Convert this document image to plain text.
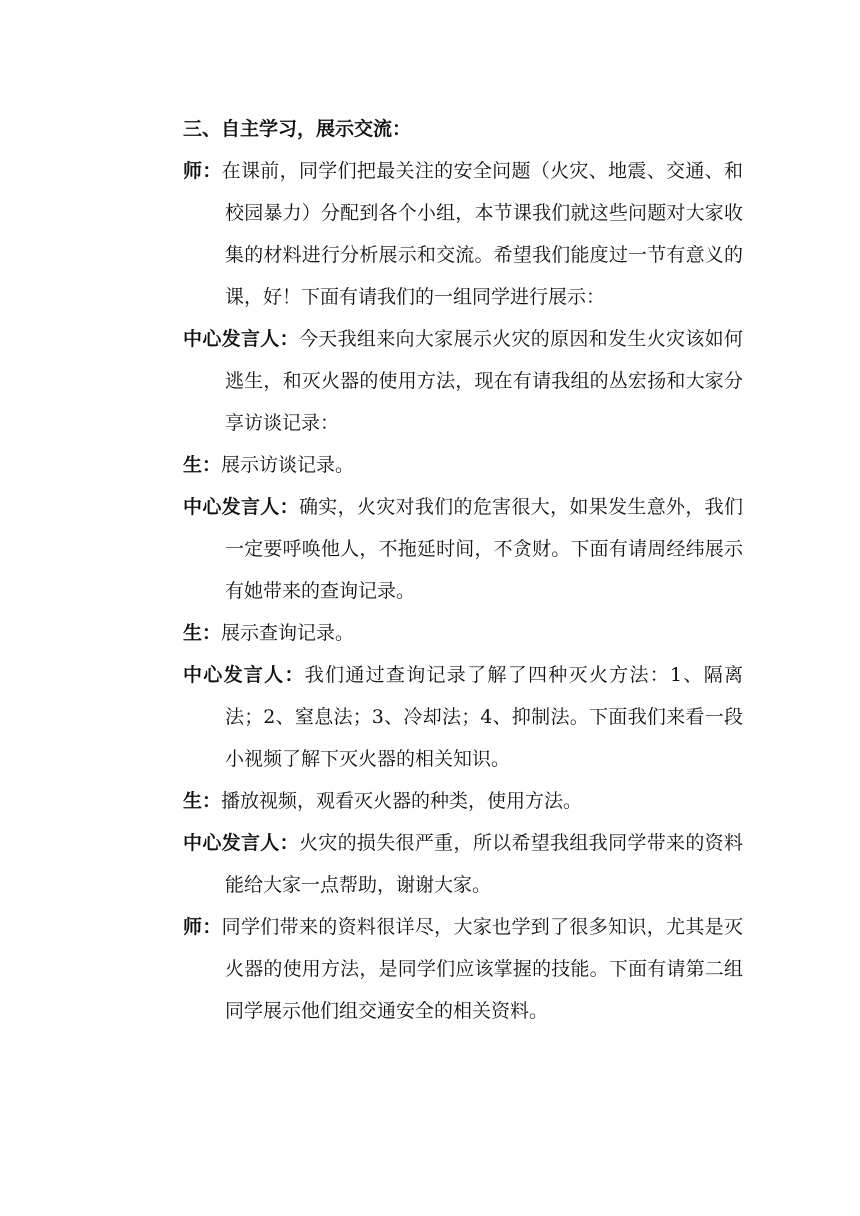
三、自主学习，展示交流：

师：在课前，同学们把最关注的安全问题（火灾、地震、交通、和校园暴力）分配到各个小组，本节课我们就这些问题对大家收集的材料进行分析展示和交流。希望我们能度过一节有意义的课，好！下面有请我们的一组同学进行展示：

中心发言人：今天我组来向大家展示火灾的原因和发生火灾该如何逃生，和灭火器的使用方法，现在有请我组的丛宏扬和大家分享访谈记录：

生：展示访谈记录。

中心发言人：确实，火灾对我们的危害很大，如果发生意外，我们一定要呼唤他人，不拖延时间，不贪财。下面有请周经纬展示有她带来的查询记录。

生：展示查询记录。

中心发言人：我们通过查询记录了解了四种灭火方法：1、隔离法；2、窒息法；3、冷却法；4、抑制法。下面我们来看一段小视频了解下灭火器的相关知识。

生：播放视频，观看灭火器的种类，使用方法。

中心发言人：火灾的损失很严重，所以希望我组我同学带来的资料能给大家一点帮助，谢谢大家。

师：同学们带来的资料很详尽，大家也学到了很多知识，尤其是灭火器的使用方法，是同学们应该掌握的技能。下面有请第二组同学展示他们组交通安全的相关资料。
